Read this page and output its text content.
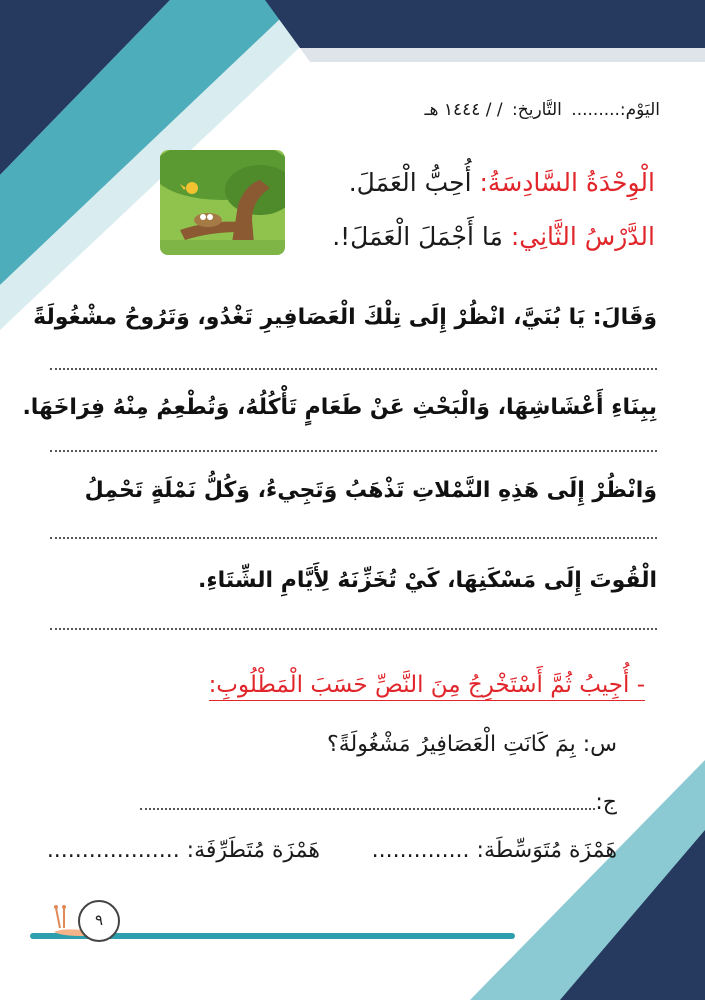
اليَوْم:......... التَّاريخ: / / ١٤٤٤ هـ
الْوِحْدَةُ السَّادِسَةُ: أُحِبُّ الْعَمَلَ.
الدَّرْسُ الثَّانِي: مَا أَجْمَلَ الْعَمَلَ!.
وَقَالَ: يَا بُنَيَّ، انْظُرْ إِلَى تِلْكَ الْعَصَافِيرِ تَغْدُو، وَتَرُوحُ مشْغُولَةً
بِبِنَاءِ أَعْشَاشِهَا، وَالْبَحْثِ عَنْ طَعَامٍ تَأْكُلُهُ، وَتُطْعِمُ مِنْهُ فِرَاخَهَا.
وَانْظُرْ إِلَى هَذِهِ النَّمْلاتِ تَذْهَبُ وَتَجِيءُ، وَكُلُّ نَمْلَةٍ تَحْمِلُ
الْقُوتَ إِلَى مَسْكَنِهَا، كَيْ تُخَزِّنَهُ لِأَيَّامِ الشِّتَاءِ.
- أُجِيبُ ثُمَّ أَسْتَخْرِجُ مِنَ النَّصِّ حَسَبَ الْمَطْلُوبِ:
س: بِمَ كَانَتِ الْعَصَافِيرُ مَشْغُولَةً؟
ج:
هَمْزَة مُتَوَسِّطَة: ..............
هَمْزَة مُتَطَرِّفَة: ...................
٩
